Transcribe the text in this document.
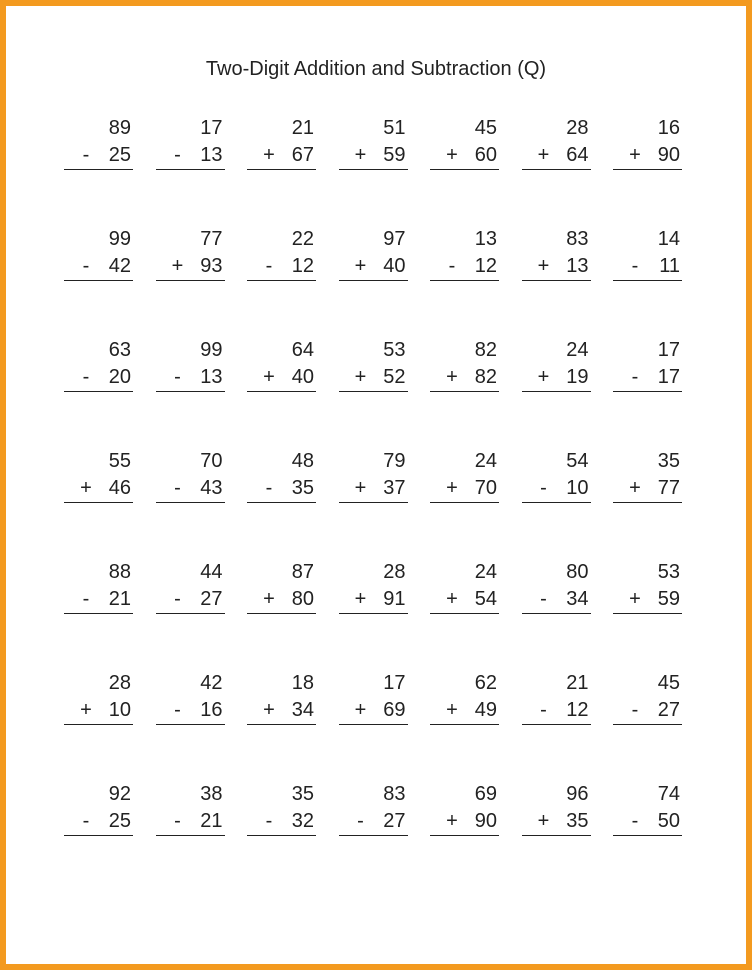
Two-Digit Addition and Subtraction (Q)
89
- 25
17
- 13
21
+ 67
51
+ 59
45
+ 60
28
+ 64
16
+ 90
99
- 42
77
+ 93
22
- 12
97
+ 40
13
- 12
83
+ 13
14
-	11
63
- 20
99
- 13
64
+ 40
53
+ 52
82
+ 82
24
+ 19
17
- 17
55
+ 46
70
- 43
48
- 35
79
+ 37
24
+ 70
54
- 10
35
+ 77
88
- 21
44
- 27
87
+ 80
28
+ 91
24
+ 54
80
- 34
53
+ 59
28
+ 10
42
- 16
18
+ 34
17
+ 69
62
+ 49
21
- 12
45
- 27
92
- 25
38
- 21
35
- 32
83
- 27
69
+ 90
96
+ 35
74
- 50
